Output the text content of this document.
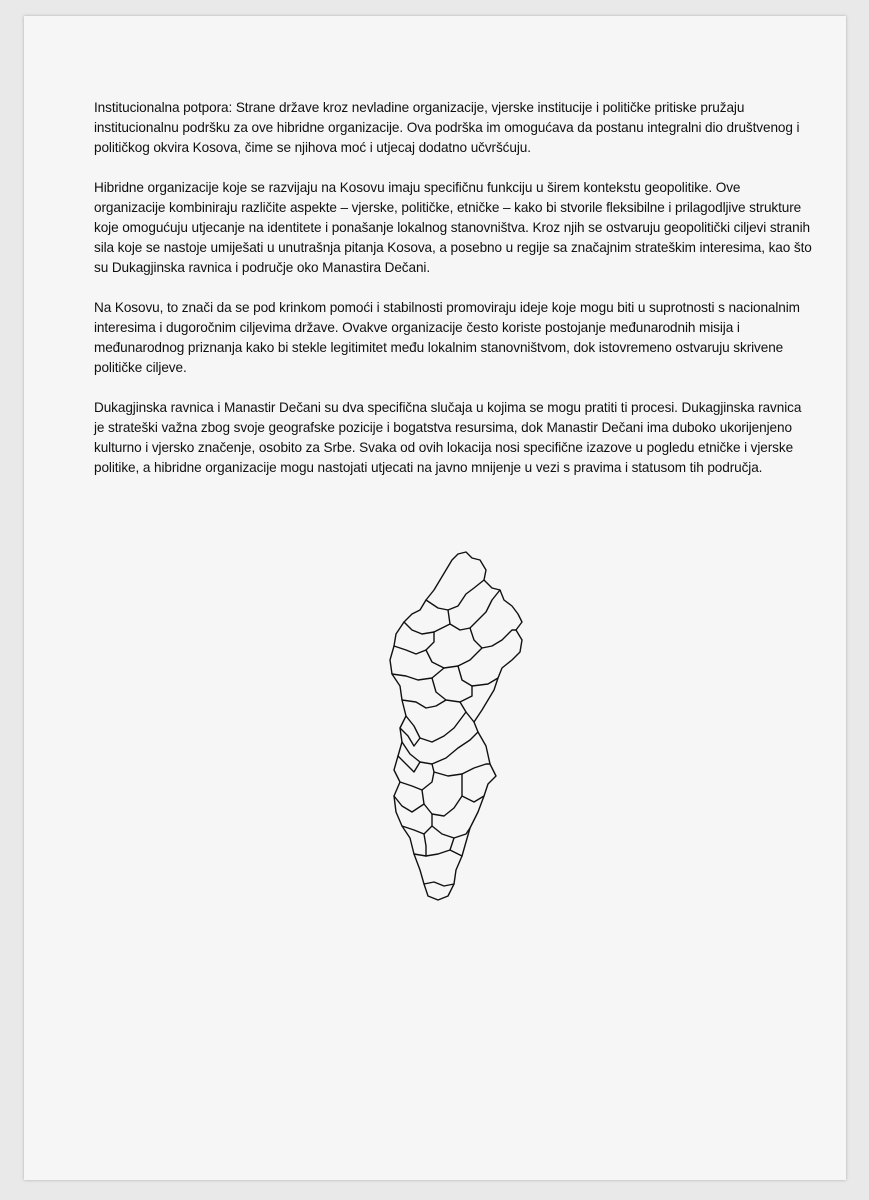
Institucionalna potpora: Strane države kroz nevladine organizacije, vjerske institucije i političke pritiske pružaju institucionalnu podršku za ove hibridne organizacije. Ova podrška im omogućava da postanu integralni dio društvenog i političkog okvira Kosova, čime se njihova moć i utjecaj dodatno učvršćuju.

Hibridne organizacije koje se razvijaju na Kosovu imaju specifičnu funkciju u širem kontekstu geopolitike. Ove organizacije kombiniraju različite aspekte – vjerske, političke, etničke – kako bi stvorile fleksibilne i prilagodljive strukture koje omogućuju utjecanje na identitete i ponašanje lokalnog stanovništva. Kroz njih se ostvaruju geopolitički ciljevi stranih sila koje se nastoje umiješati u unutrašnja pitanja Kosova, a posebno u regije sa značajnim strateškim interesima, kao što su Dukagjinska ravnica i područje oko Manastira Dečani.

Na Kosovu, to znači da se pod krinkom pomoći i stabilnosti promoviraju ideje koje mogu biti u suprotnosti s nacionalnim interesima i dugoročnim ciljevima države. Ovakve organizacije često koriste postojanje međunarodnih misija i međunarodnog priznanja kako bi stekle legitimitet među lokalnim stanovništvom, dok istovremeno ostvaruju skrivene političke ciljeve.

Dukagjinska ravnica i Manastir Dečani su dva specifična slučaja u kojima se mogu pratiti ti procesi. Dukagjinska ravnica je strateški važna zbog svoje geografske pozicije i bogatstva resursima, dok Manastir Dečani ima duboko ukorijenjeno kulturno i vjersko značenje, osobito za Srbe. Svaka od ovih lokacija nosi specifične izazove u pogledu etničke i vjerske politike, a hibridne organizacije mogu nastojati utjecati na javno mnijenje u vezi s pravima i statusom tih područja.
